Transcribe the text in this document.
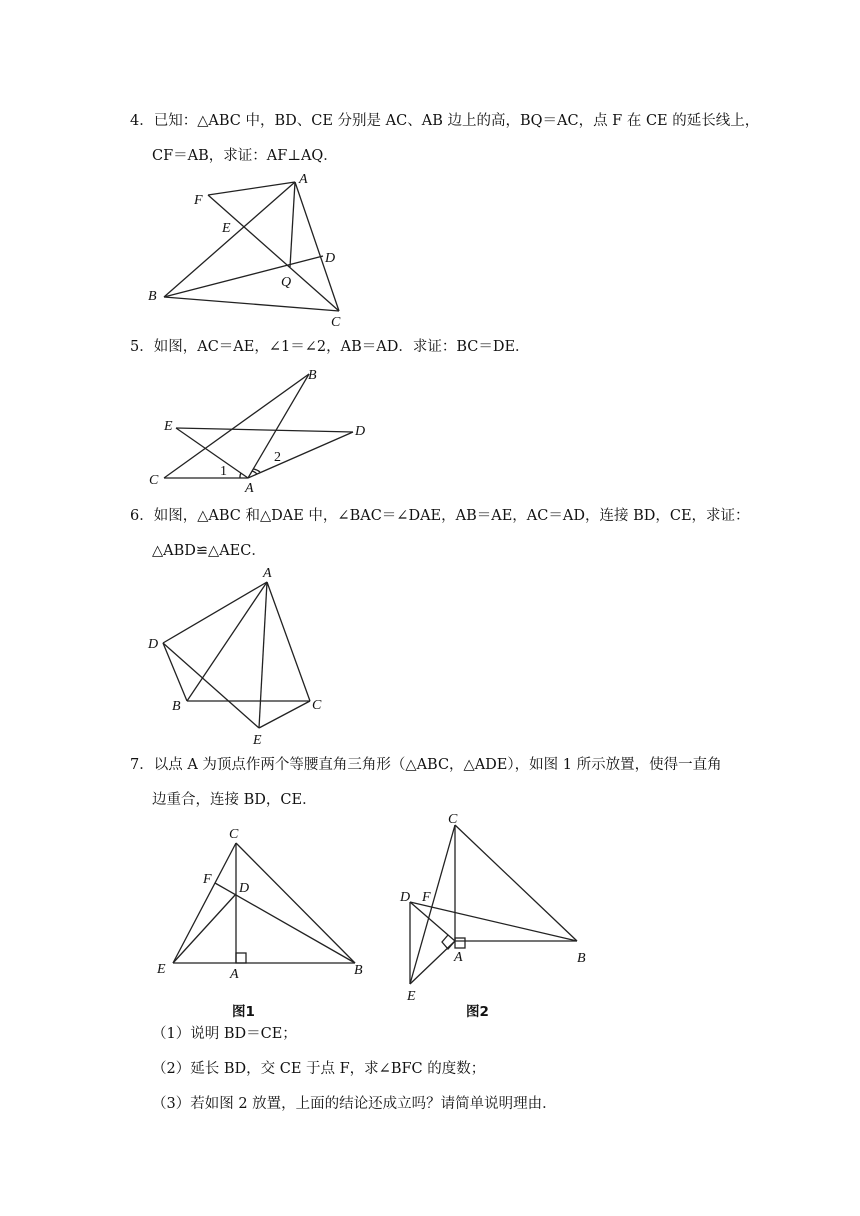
4．已知：△ABC 中，BD、CE 分别是 AC、AB 边上的高，BQ＝AC，点 F 在 CE 的延长线上，
CF＝AB，求证：AF⊥AQ．
A
F
E
D
Q
B
C
5．如图，AC＝AE，∠1＝∠2，AB＝AD．求证：BC＝DE．
B
E	D
C
A
1
2
6．如图，△ABC 和△DAE 中，∠BAC＝∠DAE，AB＝AE，AC＝AD，连接 BD，CE，求证：
△ABD≌△AEC．
A
D
B	C
E
7．以点 A 为顶点作两个等腰直角三角形（△ABC，△ADE），如图 1 所示放置，使得一直角
边重合，连接 BD，CE．
C
F
D
E	A	B
图1
C
D F
A	B
E
图2
（1）说明 BD＝CE；
（2）延长 BD，交 CE 于点 F，求∠BFC 的度数；
（3）若如图 2 放置，上面的结论还成立吗？请简单说明理由．
